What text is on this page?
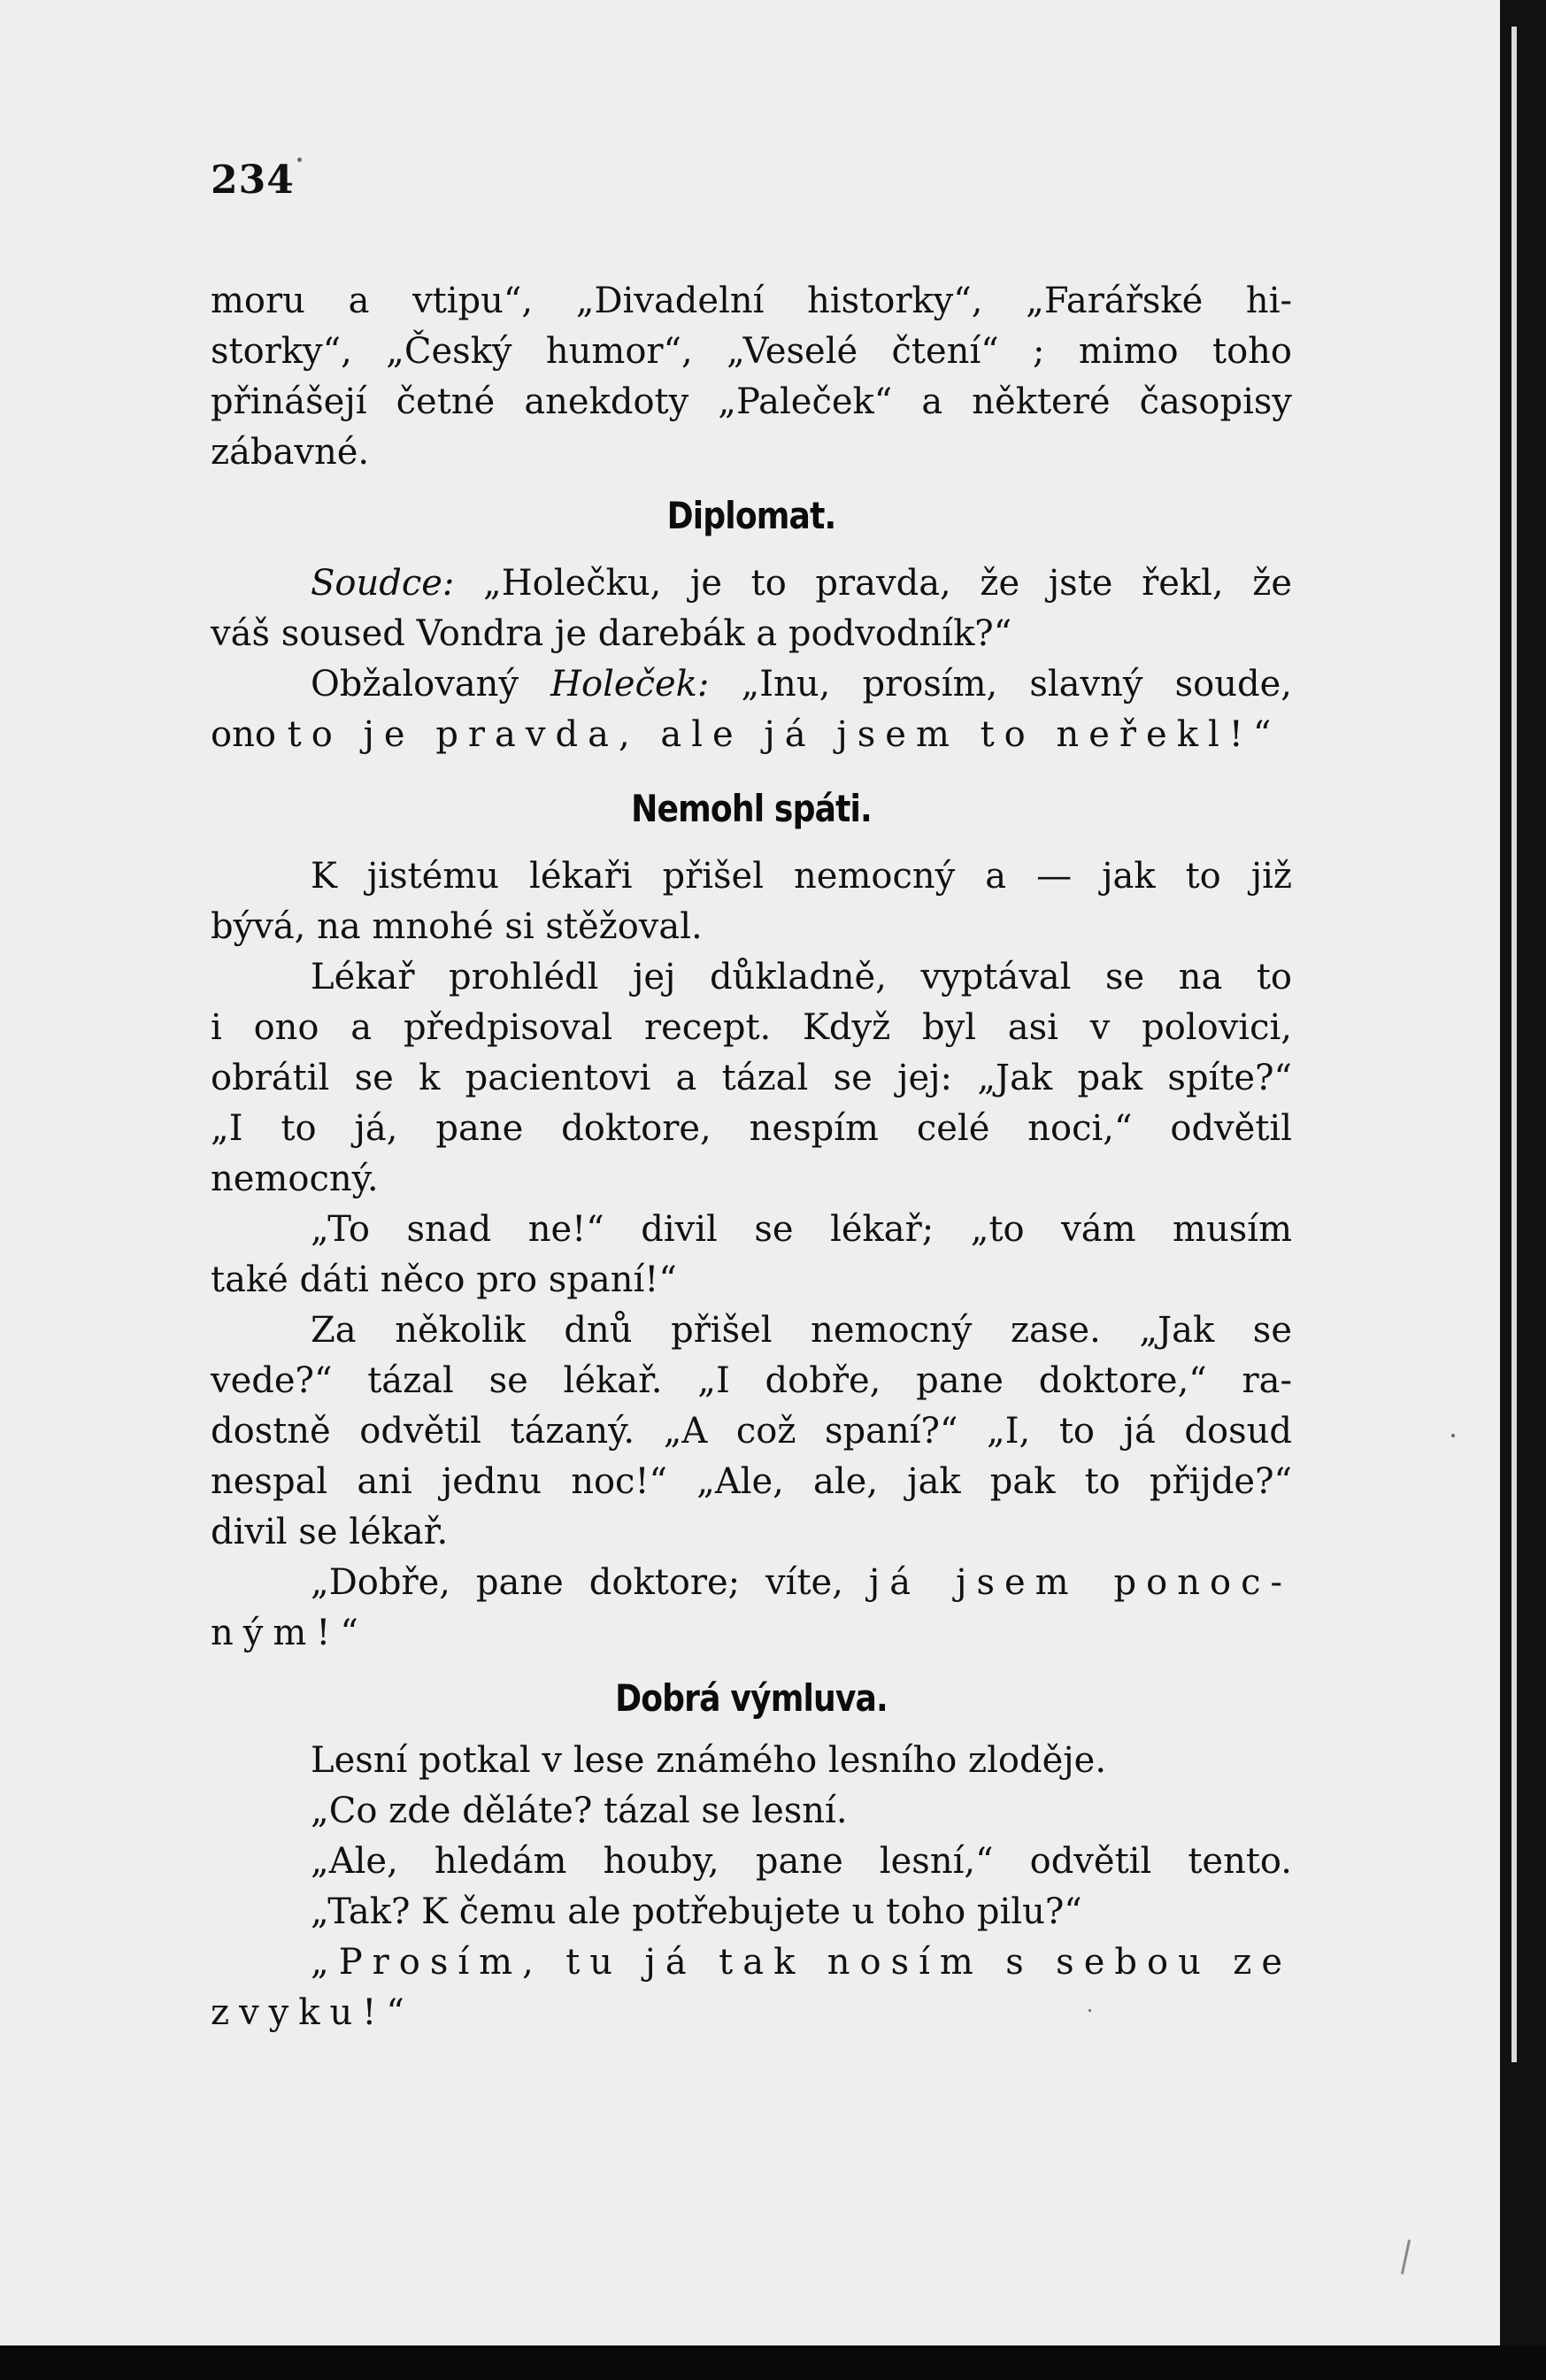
234
moru a vtipu“, „Divadelní historky“, „Farářské hi-
storky“, „Český humor“, „Veselé čtení“ ; mimo toho
přinášejí četné anekdoty „Paleček“ a některé časopisy
zábavné.
Diplomat.
Soudce: „Holečku, je to pravda, že jste řekl, že
váš soused Vondra je darebák a podvodník?“
Obžalovaný Holeček: „Inu, prosím, slavný soude,
ono to je pravda, ale já jsem to neřekl!“
Nemohl spáti.
K jistému lékaři přišel nemocný a — jak to již
bývá, na mnohé si stěžoval.
Lékař prohlédl jej důkladně, vyptával se na to
i ono a předpisoval recept. Když byl asi v polovici,
obrátil se k pacientovi a tázal se jej: „Jak pak spíte?“
„I to já, pane doktore, nespím celé noci,“ odvětil
nemocný.
„To snad ne!“ divil se lékař; „to vám musím
také dáti něco pro spaní!“
Za několik dnů přišel nemocný zase. „Jak se
vede?“ tázal se lékař. „I dobře, pane doktore,“ ra-
dostně odvětil tázaný. „A což spaní?“ „I, to já dosud
nespal ani jednu noc!“ „Ale, ale, jak pak to přijde?“
divil se lékař.
„Dobře, pane doktore; víte, já jsem ponoc-
ným!“
Dobrá výmluva.
Lesní potkal v lese známého lesního zloděje.
„Co zde děláte? tázal se lesní.
„Ale, hledám houby, pane lesní,“ odvětil tento.
„Tak? K čemu ale potřebujete u toho pilu?“
„Prosím, tu já tak nosím s sebou ze
zvyku!“
